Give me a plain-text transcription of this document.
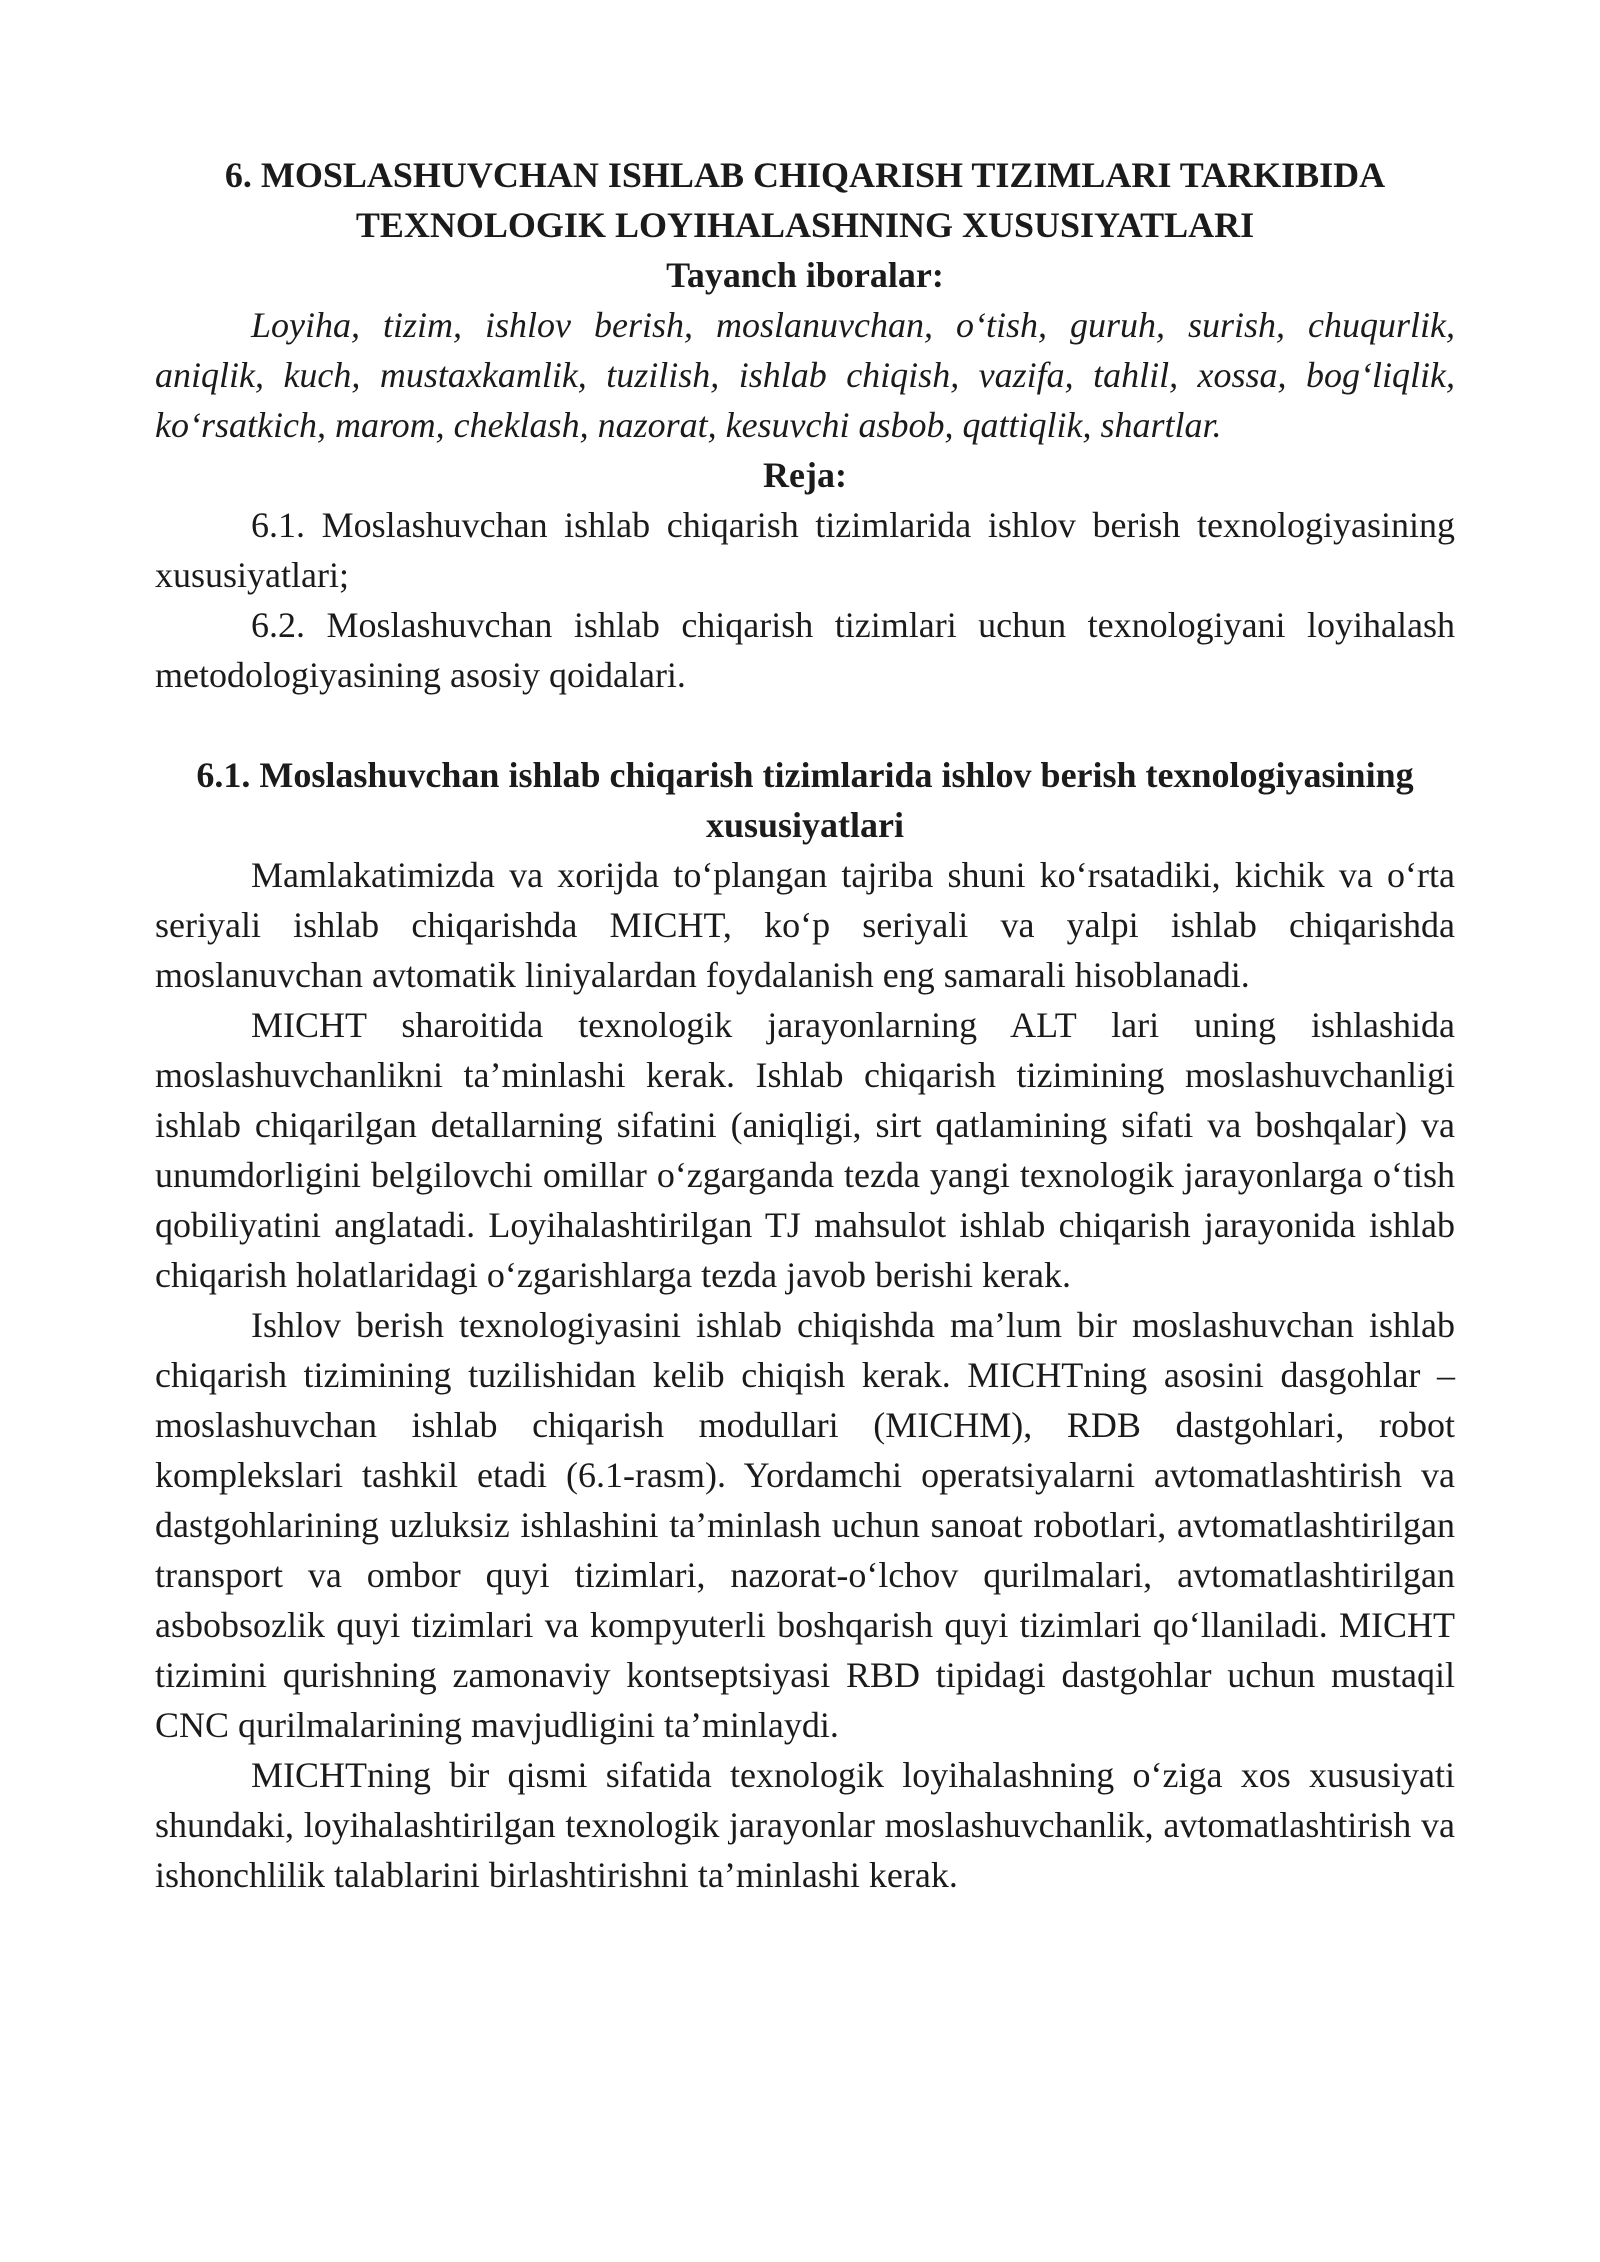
6. MOSLASHUVCHAN ISHLAB CHIQARISH TIZIMLARI TARKIBIDA
TEXNOLOGIK LOYIHALASHNING XUSUSIYATLARI

Tayanch iboralar:

Loyiha, tizim, ishlov berish, moslanuvchan, o‘tish, guruh, surish, chuqurlik, aniqlik, kuch, mustaxkamlik, tuzilish, ishlab chiqish, vazifa, tahlil, xossa, bog‘liqlik, ko‘rsatkich, marom, cheklash, nazorat, kesuvchi asbob, qattiqlik, shartlar.

Reja:

6.1. Moslashuvchan ishlab chiqarish tizimlarida ishlov berish texnologiyasining xususiyatlari;

6.2. Moslashuvchan ishlab chiqarish tizimlari uchun texnologiyani loyihalash metodologiyasining asosiy qoidalari.

6.1. Moslashuvchan ishlab chiqarish tizimlarida ishlov berish texnologiyasining xususiyatlari

Mamlakatimizda va xorijda to‘plangan tajriba shuni ko‘rsatadiki, kichik va o‘rta seriyali ishlab chiqarishda MICHT, ko‘p seriyali va yalpi ishlab chiqarishda moslanuvchan avtomatik liniyalardan foydalanish eng samarali hisoblanadi.

MICHT sharoitida texnologik jarayonlarning ALT lari uning ishlashida moslashuvchanlikni ta’minlashi kerak. Ishlab chiqarish tizimining moslashuvchanligi ishlab chiqarilgan detallarning sifatini (aniqligi, sirt qatlamining sifati va boshqalar) va unumdorligini belgilovchi omillar o‘zgarganda tezda yangi texnologik jarayonlarga o‘tish qobiliyatini anglatadi. Loyihalashtirilgan TJ mahsulot ishlab chiqarish jarayonida ishlab chiqarish holatlaridagi o‘zgarishlarga tezda javob berishi kerak.

Ishlov berish texnologiyasini ishlab chiqishda ma’lum bir moslashuvchan ishlab chiqarish tizimining tuzilishidan kelib chiqish kerak. MICHTning asosini dasgohlar – moslashuvchan ishlab chiqarish modullari (MICHM), RDB dastgohlari, robot komplekslari tashkil etadi (6.1-rasm). Yordamchi operatsiyalarni avtomatlashtirish va dastgohlarining uzluksiz ishlashini ta’minlash uchun sanoat robotlari, avtomatlashtirilgan transport va ombor quyi tizimlari, nazorat-o‘lchov qurilmalari, avtomatlashtirilgan asbobsozlik quyi tizimlari va kompyuterli boshqarish quyi tizimlari qo‘llaniladi. MICHT tizimini qurishning zamonaviy kontseptsiyasi RBD tipidagi dastgohlar uchun mustaqil CNC qurilmalarining mavjudligini ta’minlaydi.

MICHTning bir qismi sifatida texnologik loyihalashning o‘ziga xos xususiyati shundaki, loyihalashtirilgan texnologik jarayonlar moslashuvchanlik, avtomatlashtirish va ishonchlilik talablarini birlashtirishni ta’minlashi kerak.
